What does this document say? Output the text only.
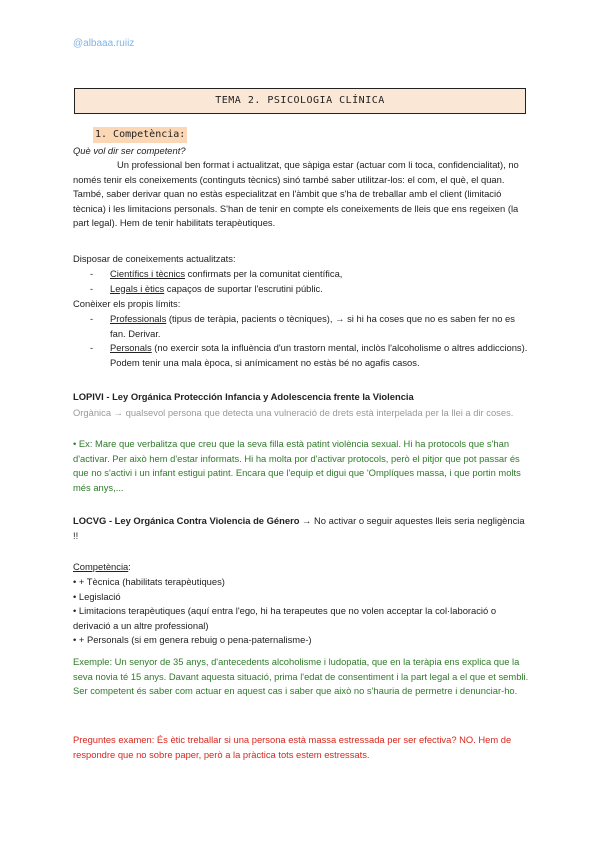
@albaaa.ruiiz
TEMA 2. PSICOLOGIA CLÍNICA
1. Competència:
Què vol dir ser competent?

Un professional ben format i actualitzat, que sàpiga estar (actuar com li toca, confidencialitat), no només tenir els coneixements (continguts tècnics) sinó també saber utilitzar-los: el com, el què, el quan. També, saber derivar quan no estàs especialitzat en l'àmbit que s'ha de treballar amb el client (limitació tècnica) i les limitacions personals. S'han de tenir en compte els coneixements de lleis que ens regeixen (la part legal). Hem de tenir habilitats terapèutiques.

Disposar de coneixements actualitzats:
-	Científics i tècnics confirmats per la comunitat científica,
-	Legals i ètics capaços de suportar l'escrutini públic.
Conèixer els propis límits:
-	Professionals (tipus de teràpia, pacients o tècniques), → si hi ha coses que no es saben fer no es fan. Derivar.
-	Personals (no exercir sota la influència d'un trastorn mental, inclòs l'alcoholisme o altres addiccions). Podem tenir una mala època, si anímicament no estàs bé no agafis casos.
LOPIVI - Ley Orgánica Protección Infancia y Adolescencia frente la Violencia

Orgànica → qualsevol persona que detecta una vulneració de drets està interpelada per la llei a dir coses.

• Ex: Mare que verbalitza que creu que la seva filla està patint violència sexual. Hi ha protocols que s'han d'activar. Per això hem d'estar informats. Hi ha molta por d'activar protocols, però el pitjor que pot passar és que no s'activi i un infant estigui patint. Encara que l'equip et digui que 'Omplíques massa, i que portin molts més anys,...

LOCVG - Ley Orgánica Contra Violencia de Género → No activar o seguir aquestes lleis seria negligència !!

Competència:
• + Tècnica (habilitats terapèutiques)
• Legislació
• Limitacions terapèutiques (aquí entra l'ego, hi ha terapeutes que no volen acceptar la col·laboració o derivació a un altre professional)
• + Personals (si em genera rebuig o pena-paternalisme-)

Exemple: Un senyor de 35 anys, d'antecedents alcoholisme i ludopatia, que en la teràpia ens explica que la seva novia té 15 anys. Davant aquesta situació, prima l'edat de consentiment i la part legal a el que et sembli. Ser competent és saber com actuar en aquest cas i saber que això no s'hauria de permetre i denunciar-ho.

Preguntes examen: És ètic treballar si una persona està massa estressada per ser efectiva? NO. Hem de respondre que no sobre paper, però a la pràctica tots estem estressats.
